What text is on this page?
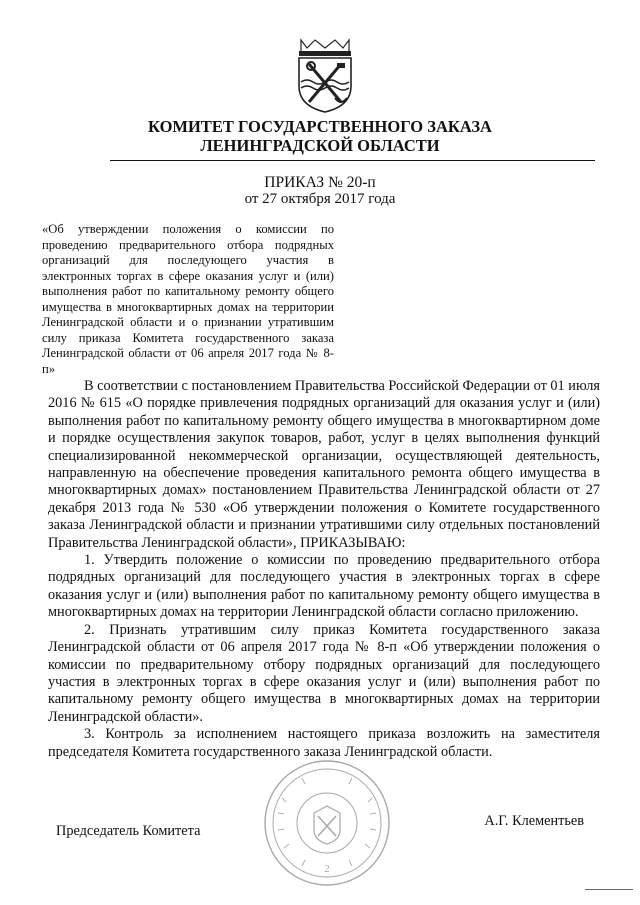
КОМИТЕТ ГОСУДАРСТВЕННОГО ЗАКАЗА
ЛЕНИНГРАДСКОЙ ОБЛАСТИ
ПРИКАЗ № 20-п
от 27 октября 2017 года
«Об утверждении положения о комиссии по проведению предварительного отбора подрядных организаций для последующего участия в электронных торгах в сфере оказания услуг и (или) выполнения работ по капитальному ремонту общего имущества в многоквартирных домах на территории Ленинградской области и о признании утратившим силу приказа Комитета государственного заказа Ленинградской области от 06 апреля 2017 года № 8-п»

В соответствии с постановлением Правительства Российской Федерации от 01 июля 2016 № 615 «О порядке привлечения подрядных организаций для оказания услуг и (или) выполнения работ по капитальному ремонту общего имущества в многоквартирном доме и порядке осуществления закупок товаров, работ, услуг в целях выполнения функций специализированной некоммерческой организации, осуществляющей деятельность, направленную на обеспечение проведения капитального ремонта общего имущества в многоквартирных домах» постановлением Правительства Ленинградской области от 27 декабря 2013 года № 530 «Об утверждении положения о Комитете государственного заказа Ленинградской области и признании утратившими силу отдельных постановлений Правительства Ленинградской области», ПРИКАЗЫВАЮ:

1. Утвердить положение о комиссии по проведению предварительного отбора подрядных организаций для последующего участия в электронных торгах в сфере оказания услуг и (или) выполнения работ по капитальному ремонту общего имущества в многоквартирных домах на территории Ленинградской области согласно приложению.

2. Признать утратившим силу приказ Комитета государственного заказа Ленинградской области от 06 апреля 2017 года № 8-п «Об утверждении положения о комиссии по предварительному отбору подрядных организаций для последующего участия в электронных торгах в сфере оказания услуг и (или) выполнения работ по капитальному ремонту общего имущества в многоквартирных домах на территории Ленинградской области».

3. Контроль за исполнением настоящего приказа возложить на заместителя председателя Комитета государственного заказа Ленинградской области.

Председатель Комитета
А.Г. Клементьев
2
